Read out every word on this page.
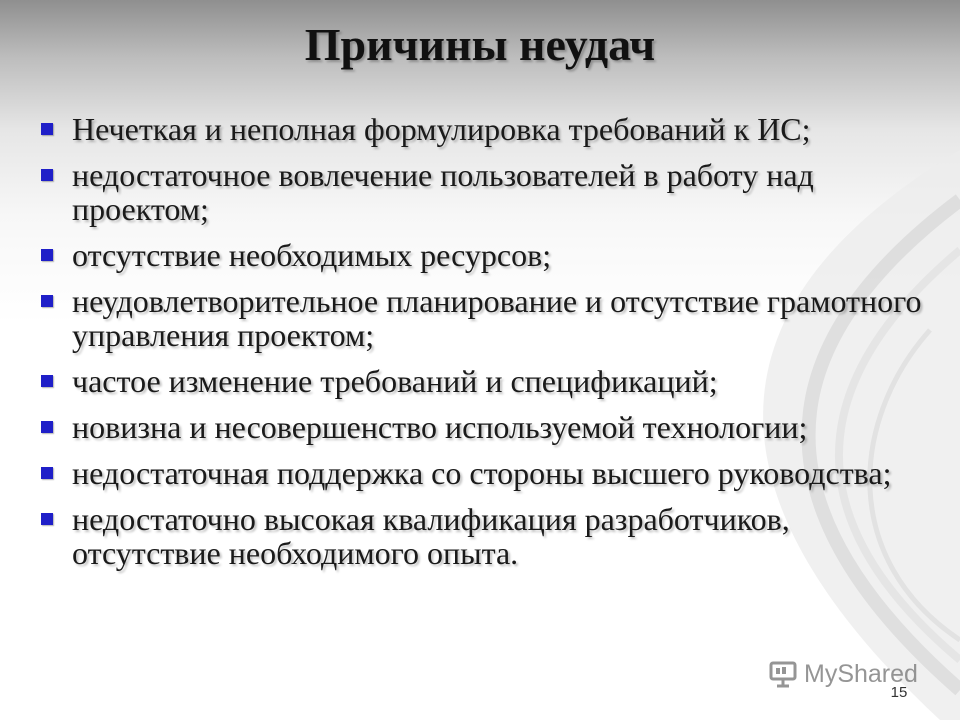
Причины неудач
Нечеткая и неполная формулировка требований к ИС;
недостаточное вовлечение пользователей в работу над проектом;
отсутствие необходимых ресурсов;
неудовлетворительное планирование и отсутствие грамотного управления проектом;
частое изменение требований и спецификаций;
новизна и несовершенство используемой технологии;
недостаточная поддержка со стороны высшего руководства;
недостаточно высокая квалификация разработчиков, отсутствие необходимого опыта.
MyShared
15
